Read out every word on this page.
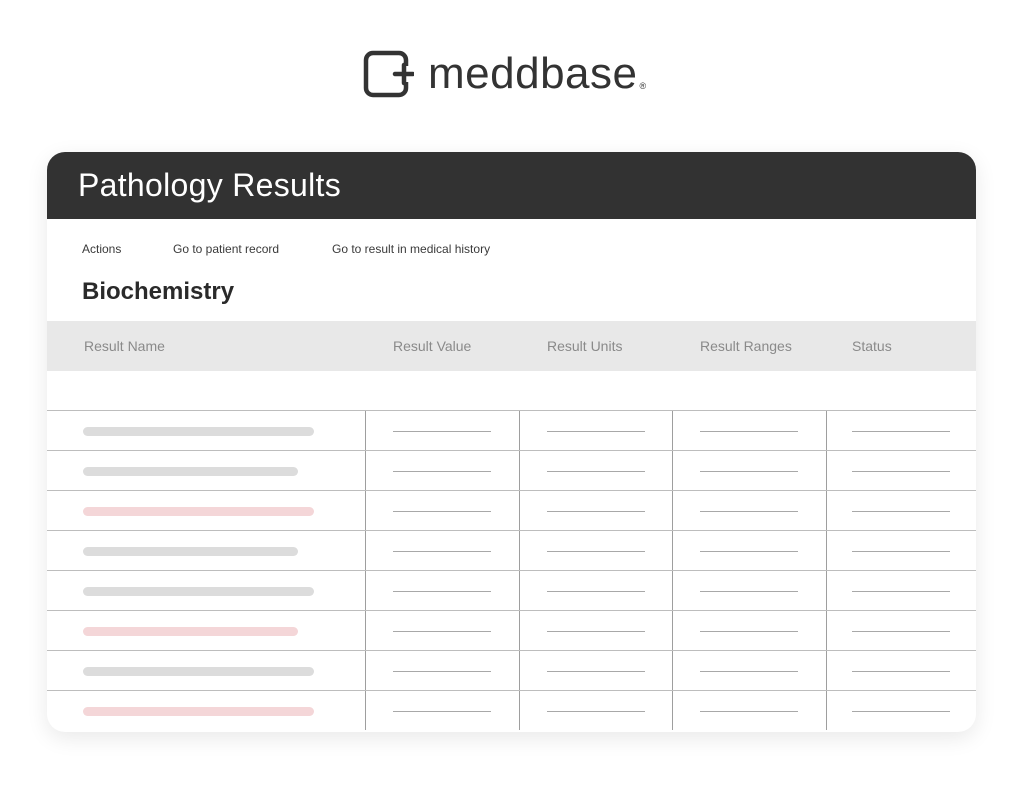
meddbase ®
Pathology Results
Actions	Go to patient record	Go to result in medical history
Biochemistry
Result Name	Result Value	Result Units	Result Ranges	Status
